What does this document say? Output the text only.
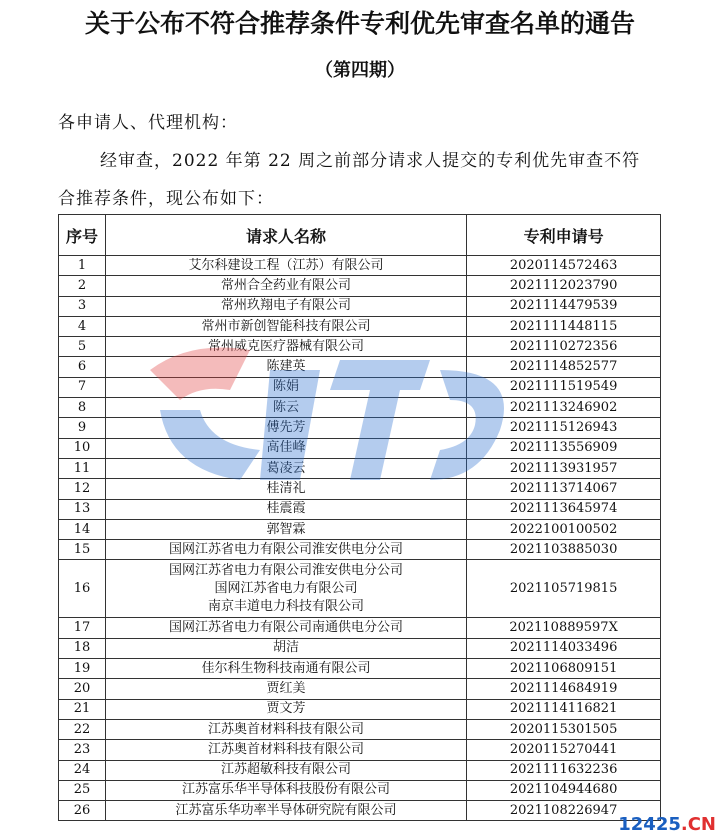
关于公布不符合推荐条件专利优先审查名单的通告
（第四期）
各申请人、代理机构：
经审查，2022 年第 22 周之前部分请求人提交的专利优先审查不符
合推荐条件，现公布如下：
序号	请求人名称	专利申请号
1	艾尔科建设工程（江苏）有限公司	2020114572463
2	常州合全药业有限公司	2021112023790
3	常州玖翔电子有限公司	2021114479539
4	常州市新创智能科技有限公司	2021111448115
5	常州威克医疗器械有限公司	2021110272356
6	陈建英	2021114852577
7	陈娟	2021111519549
8	陈云	2021113246902
9	傅先芳	2021115126943
10	高佳峰	2021113556909
11	葛凌云	2021113931957
12	桂清礼	2021113714067
13	桂震霞	2021113645974
14	郭智霖	2022100100502
15	国网江苏省电力有限公司淮安供电分公司	2021103885030
16	国网江苏省电力有限公司淮安供电分公司
国网江苏省电力有限公司
南京丰道电力科技有限公司	2021105719815
17	国网江苏省电力有限公司南通供电分公司	202110889597X
18	胡洁	2021114033496
19	佳尔科生物科技南通有限公司	2021106809151
20	贾红美	2021114684919
21	贾文芳	2021114116821
22	江苏奥首材料科技有限公司	2020115301505
23	江苏奥首材料科技有限公司	2020115270441
24	江苏超敏科技有限公司	2021111632236
25	江苏富乐华半导体科技股份有限公司	2021104944680
26	江苏富乐华功率半导体研究院有限公司	2021108226947
12425.CN
